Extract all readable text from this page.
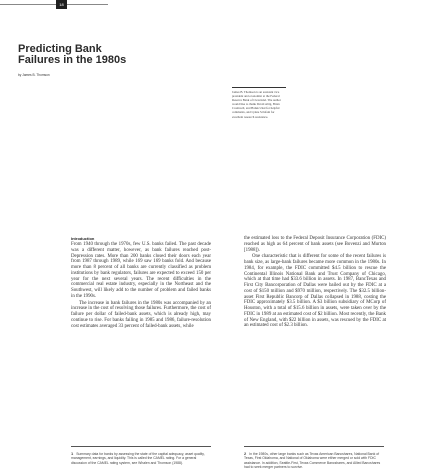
18
Predicting Bank
Failures in the 1980s
by James B. Thomson
James B. Thomson is an assistant vice president and economist at the Federal Reserve Bank of Cleveland. The author would like to thank David Altig, Brian Cromwell, and Haluk Unal for helpful comments, and Lynne Sclafani for excellent research assistance.
Introduction

From 1940 through the 1970s, few U.S. banks failed. The past decade was a different matter, however, as bank failures reached post-Depression rates. More than 200 banks closed their doors each year from 1987 through 1989, while 169 saw 169 banks fold. And because more than 8 percent of all banks are currently classified as problem institutions by bank regulators, failures are expected to exceed 150 per year for the next several years. The recent difficulties in the commercial real estate industry, especially in the Northeast and the Southwest, will likely add to the number of problem and failed banks in the 1990s.

The increase in bank failures in the 1980s was accompanied by an increase in the cost of resolving those failures. Furthermore, the cost of failure per dollar of failed-bank assets, which is already high, may continue to rise. For banks failing in 1985 and 1986, failure-resolution cost estimates averaged 33 percent of failed-bank assets, while

the estimated loss to the Federal Deposit Insurance Corporation (FDIC) reached as high as 64 percent of bank assets (see Bovenzi and Murton [1988]).

One characteristic that is different for some of the recent failures is bank size, as large-bank failures became more common in the 1980s. In 1984, for example, the FDIC committed $4.5 billion to rescue the Continental Illinois National Bank and Trust Company of Chicago, which at that time had $33.6 billion in assets. In 1987, BancTexas and First City Bancorporation of Dallas were bailed out by the FDIC at a cost of $150 million and $970 million, respectively. The $32.5 billion-asset First Republic Bancorp of Dallas collapsed in 1988, costing the FDIC approximately $3.5 billion. A $3 billion subsidiary of MCorp of Houston, with a total of $15.6 billion in assets, were taken over by the FDIC in 1989 at an estimated cost of $2 billion. Most recently, the Bank of New England, with $22 billion in assets, was rescued by the FDIC at an estimated cost of $2.3 billion.

1 Summary data for banks by assessing the state of the capital adequacy, asset quality, management, earnings, and liquidity. This is called the CAMEL rating. For a general discussion of the CAMEL rating system, see Whalen and Thomson (1988).
2 In the 1980s, other large banks such as Texas American Bancshares, National Bank of Texas, First Oklahoma, and National of Oklahoma were either merged or sold with FDIC assistance. In addition, Seattle-First, Texas Commerce Bancshares, and Allied Bancshares had to seek merger partners to survive.
